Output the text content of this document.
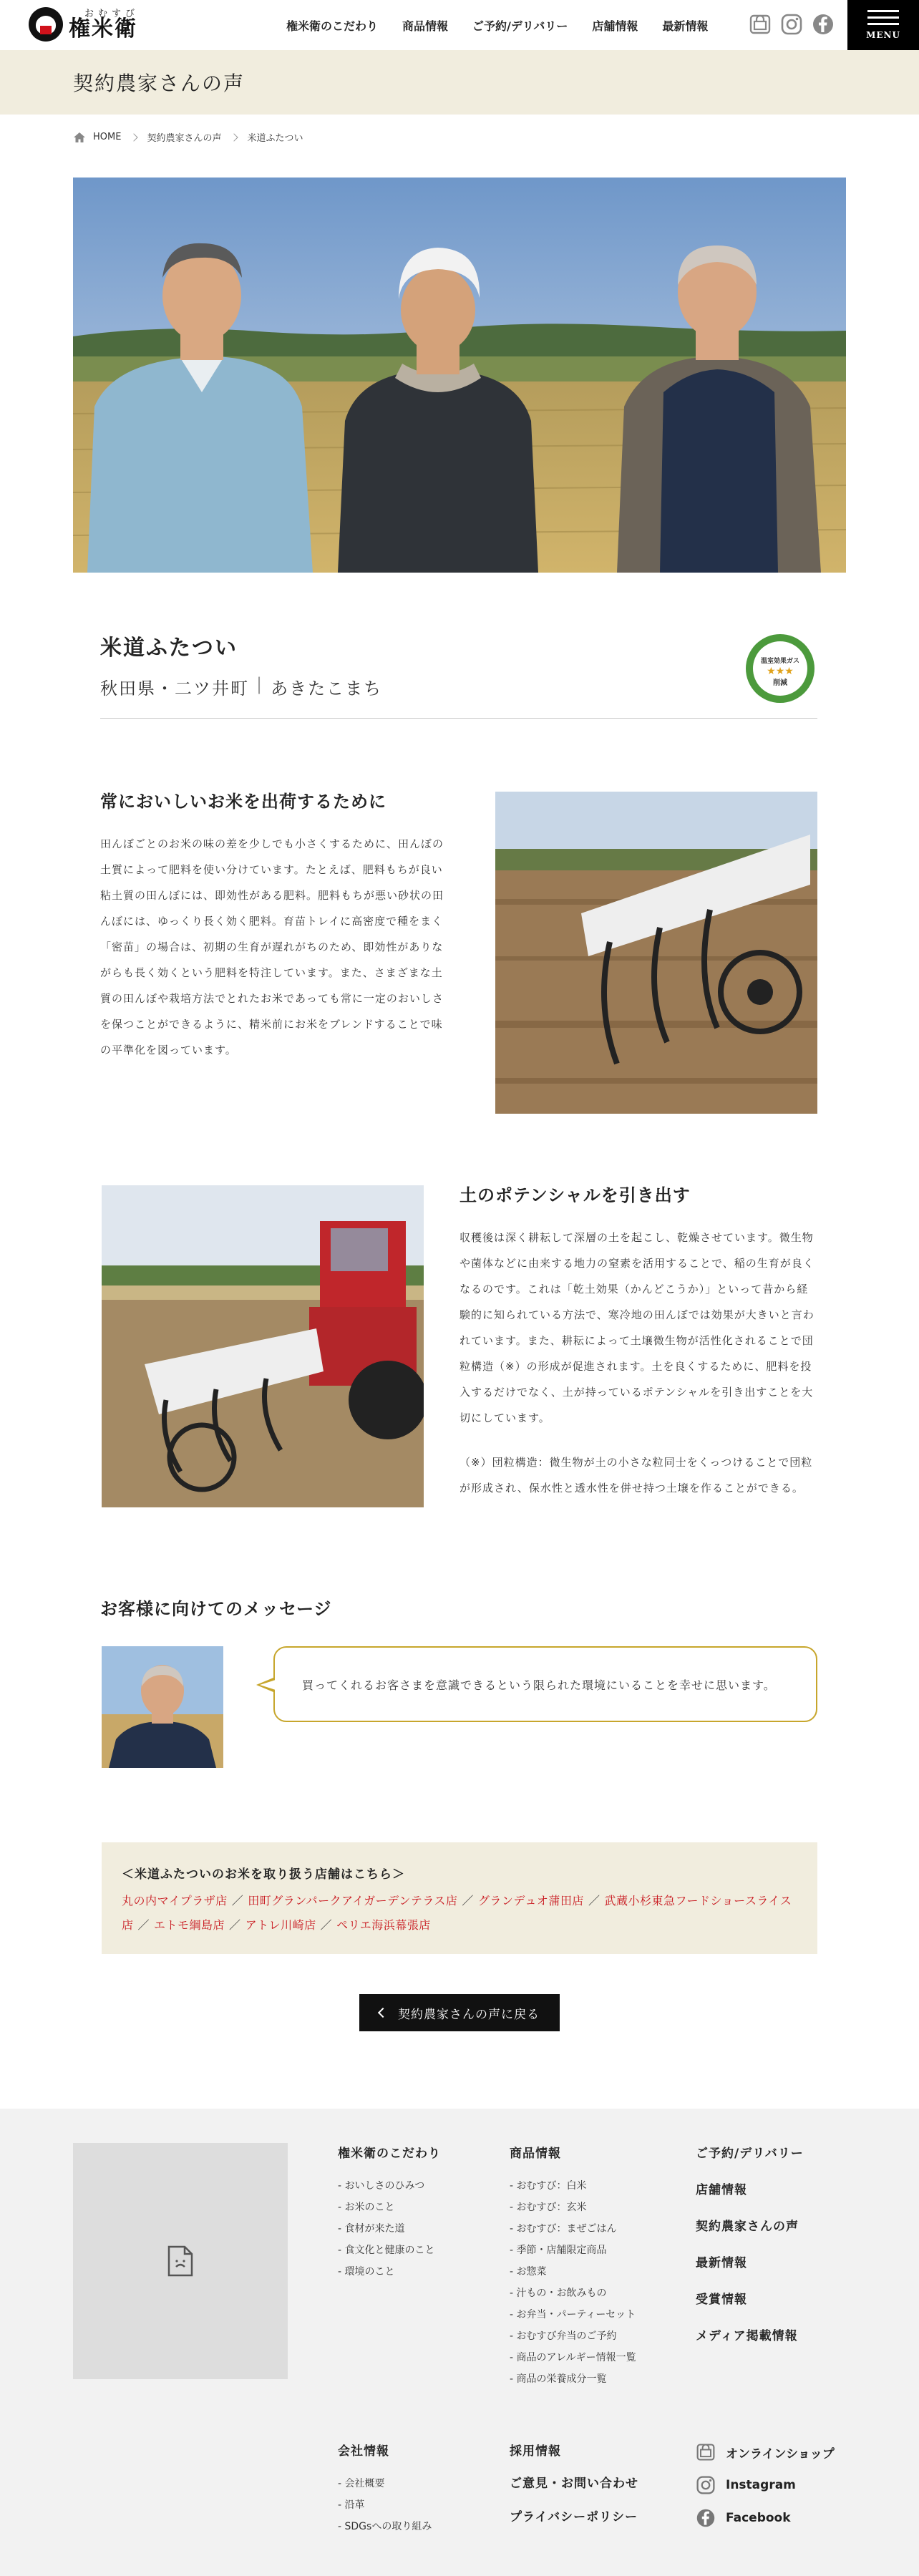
おむすび
権米衛	権米衛のこだわり 商品情報 ご予約/デリバリー 店舗情報 最新情報
MENU
契約農家さんの声
HOME	契約農家さんの声	米道ふたつい
米道ふたつい
秋田県・二ツ井町 | あきたこまち
温室効果ガス
★★★
削減
常においしいお米を出荷するために

田んぼごとのお米の味の差を少しでも小さくするために、田んぼの土質によって肥料を使い分けています。たとえば、肥料もちが良い粘土質の田んぼには、即効性がある肥料。肥料もちが悪い砂状の田んぼには、ゆっくり長く効く肥料。育苗トレイに高密度で種をまく「密苗」の場合は、初期の生育が遅れがちのため、即効性がありながらも長く効くという肥料を特注しています。また、さまざまな土質の田んぼや栽培方法でとれたお米であっても常に一定のおいしさを保つことができるように、精米前にお米をブレンドすることで味の平準化を図っています。

土のポテンシャルを引き出す

収穫後は深く耕耘して深層の土を起こし、乾燥させています。微生物や菌体などに由来する地力の窒素を活用することで、稲の生育が良くなるのです。これは「乾土効果（かんどこうか）」といって昔から経験的に知られている方法で、寒冷地の田んぼでは効果が大きいと言われています。また、耕耘によって土壌微生物が活性化されることで団粒構造（※）の形成が促進されます。土を良くするために、肥料を投入するだけでなく、土が持っているポテンシャルを引き出すことを大切にしています。

（※）団粒構造：微生物が土の小さな粒同士をくっつけることで団粒が形成され、保水性と透水性を併せ持つ土壌を作ることができる。

お客様に向けてのメッセージ
買ってくれるお客さまを意識できるという限られた環境にいることを幸せに思います。
＜米道ふたついのお米を取り扱う店舗はこちら＞
丸の内マイプラザ店 ／ 田町グランパークアイガーデンテラス店 ／ グランデュオ蒲田店 ／ 武蔵小杉東急フードショースライス店 ／ エトモ綱島店 ／ アトレ川崎店 ／ ペリエ海浜幕張店
契約農家さんの声に戻る
権米衛のこだわり
- おいしさのひみつ
- お米のこと
- 食材が来た道
- 食文化と健康のこと
- 環境のこと
商品情報
- おむすび：白米
- おむすび：玄米
- おむすび：まぜごはん
- 季節・店舗限定商品
- お惣菜
- 汁もの・お飲みもの
- お弁当・パーティーセット
- おむすび弁当のご予約
- 商品のアレルギー情報一覧
- 商品の栄養成分一覧
ご予約/デリバリー
店舗情報
契約農家さんの声
最新情報
受賞情報
メディア掲載情報
会社情報
- 会社概要
- 沿革
- SDGsへの取り組み
採用情報
ご意見・お問い合わせ
プライバシーポリシー
オンラインショップ
Instagram
Facebook
